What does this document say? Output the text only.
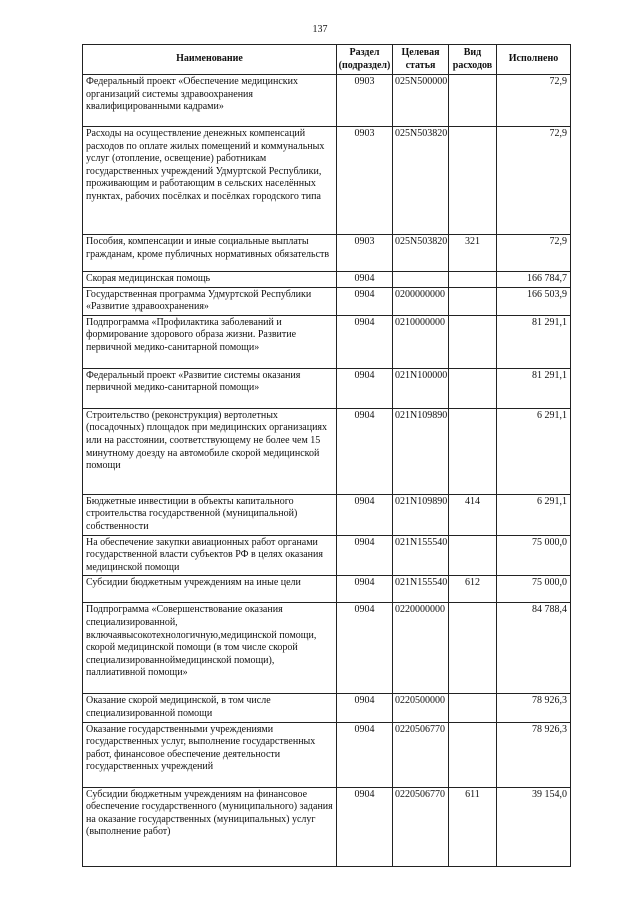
137
Наименование	Раздел (подраздел)	Целевая статья	Вид расходов	Исполнено
Федеральный проект «Обеспечение медицинских организаций системы здравоохранения квалифицированными кадрами»	0903	025N500000		72,9
Расходы на осуществление денежных компенсаций расходов по оплате жилых помещений и коммунальных услуг (отопление, освещение) работникам государственных учреждений Удмуртской Республики, проживающим и работающим в сельских населённых пунктах, рабочих посёлках и посёлках городского типа	0903	025N503820		72,9
Пособия, компенсации и иные социальные выплаты гражданам, кроме публичных нормативных обязательств	0903	025N503820	321	72,9
Скорая медицинская помощь	0904			166 784,7
Государственная программа Удмуртской Республики «Развитие здравоохранения»	0904	0200000000		166 503,9
Подпрограмма «Профилактика заболеваний и формирование здорового образа жизни. Развитие первичной медико-санитарной помощи»	0904	0210000000		81 291,1
Федеральный проект «Развитие системы оказания первичной медико-санитарной помощи»	0904	021N100000		81 291,1
Строительство (реконструкция) вертолетных (посадочных) площадок при медицинских организациях или на расстоянии, соответствующему не более чем 15 минутному доезду на автомобиле скорой медицинской помощи	0904	021N109890		6 291,1
Бюджетные инвестиции в объекты капитального строительства государственной (муниципальной) собственности	0904	021N109890	414	6 291,1
На обеспечение закупки авиационных работ органами государственной власти субъектов РФ в целях оказания медицинской помощи	0904	021N155540		75 000,0
Субсидии бюджетным учреждениям на иные цели	0904	021N155540	612	75 000,0
Подпрограмма «Совершенствование оказания специализированной, включаявысокотехнологичную,медицинской помощи, скорой медицинской помощи (в том числе скорой специализированноймедицинской помощи), паллиативной помощи»	0904	0220000000		84 788,4
Оказание скорой медицинской, в том числе специализированной помощи	0904	0220500000		78 926,3
Оказание государственными учреждениями государственных услуг, выполнение государственных работ, финансовое обеспечение деятельности государственных учреждений	0904	0220506770		78 926,3
Субсидии бюджетным учреждениям на финансовое обеспечение государственного (муниципального) задания на оказание государственных (муниципальных) услуг (выполнение работ)	0904	0220506770	611	39 154,0
